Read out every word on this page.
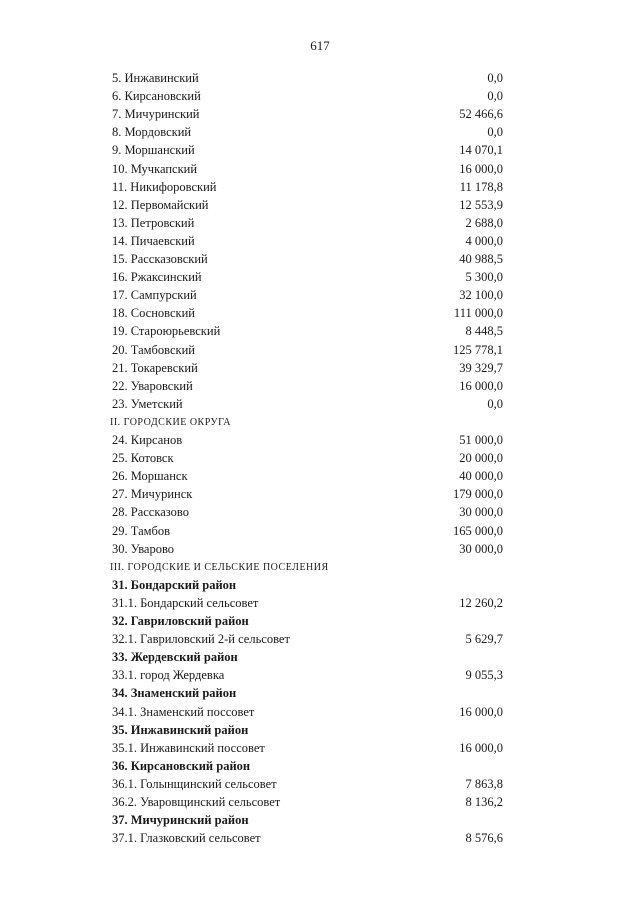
617
5. Инжавинский	0,0
6. Кирсановский	0,0
7. Мичуринский	52 466,6
8. Мордовский	0,0
9. Моршанский	14 070,1
10. Мучкапский	16 000,0
11. Никифоровский	11 178,8
12. Первомайский	12 553,9
13. Петровский	2 688,0
14. Пичаевский	4 000,0
15. Рассказовский	40 988,5
16. Ржаксинский	5 300,0
17. Сампурский	32 100,0
18. Сосновский	111 000,0
19. Староюрьевский	8 448,5
20. Тамбовский	125 778,1
21. Токаревский	39 329,7
22. Уваровский	16 000,0
23. Уметский	0,0
II. ГОРОДСКИЕ ОКРУГА
24. Кирсанов	51 000,0
25. Котовск	20 000,0
26. Моршанск	40 000,0
27. Мичуринск	179 000,0
28. Рассказово	30 000,0
29. Тамбов	165 000,0
30. Уварово	30 000,0
III. ГОРОДСКИЕ И СЕЛЬСКИЕ ПОСЕЛЕНИЯ
31. Бондарский район
31.1. Бондарский сельсовет	12 260,2
32. Гавриловский район
32.1. Гавриловский 2-й сельсовет	5 629,7
33. Жердевский район
33.1. город Жердевка	9 055,3
34. Знаменский район
34.1. Знаменский поссовет	16 000,0
35. Инжавинский район
35.1. Инжавинский поссовет	16 000,0
36. Кирсановский район
36.1. Голынщинский сельсовет	7 863,8
36.2. Уваровщинский сельсовет	8 136,2
37. Мичуринский район
37.1. Глазковский сельсовет	8 576,6
